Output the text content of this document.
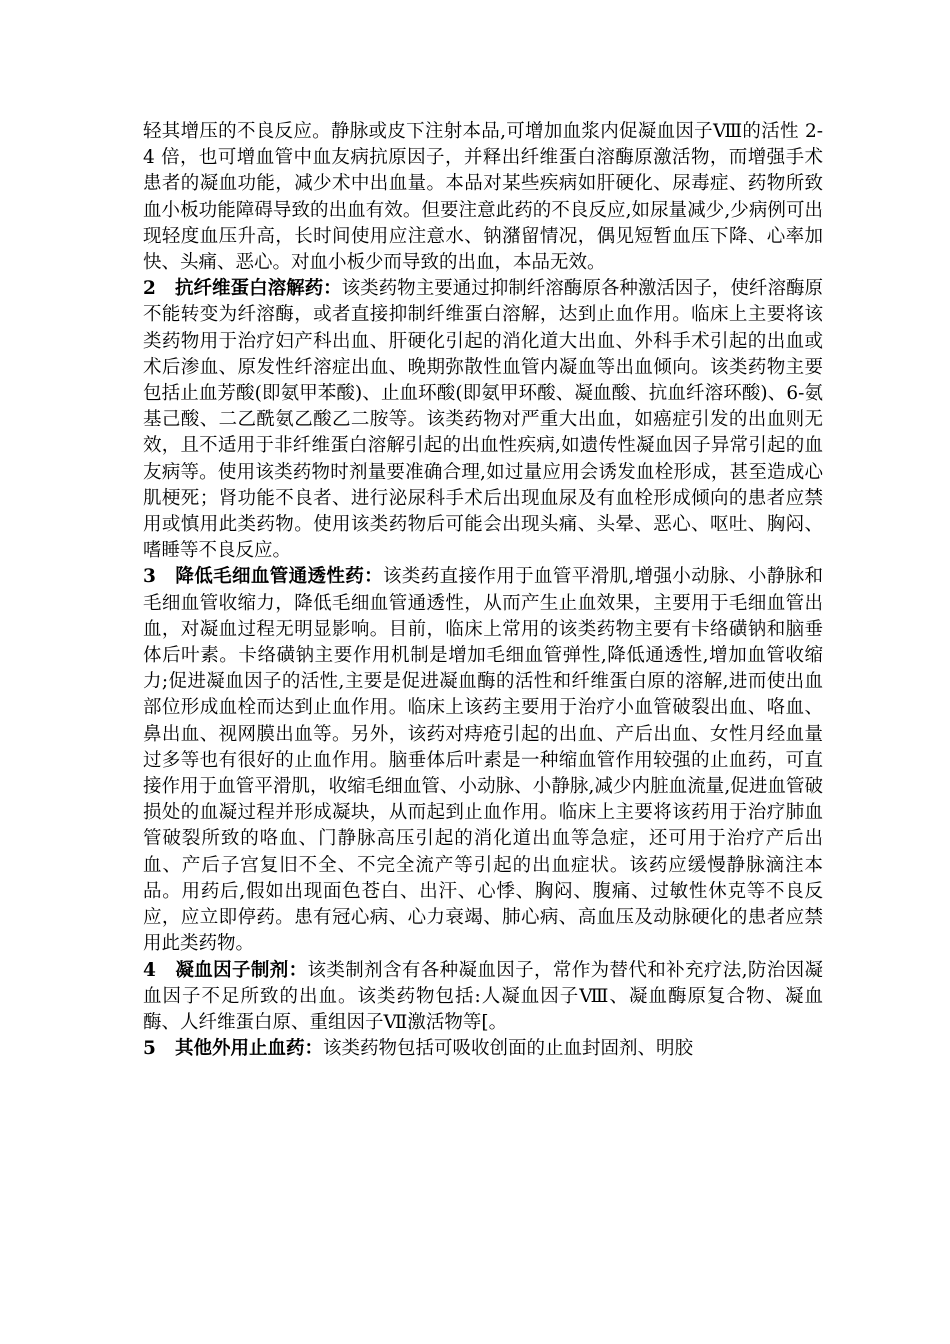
轻其增压的不良反应。静脉或皮下注射本品,可增加血浆内促凝血因子Ⅷ的活性 2-4 倍，也可增血管中血友病抗原因子，并释出纤维蛋白溶酶原激活物，而增强手术患者的凝血功能，减少术中出血量。本品对某些疾病如肝硬化、尿毒症、药物所致血小板功能障碍导致的出血有效。但要注意此药的不良反应,如尿量减少,少病例可出现轻度血压升高，长时间使用应注意水、钠潴留情况，偶见短暂血压下降、心率加快、头痛、恶心。对血小板少而导致的出血，本品无效。

2 抗纤维蛋白溶解药：该类药物主要通过抑制纤溶酶原各种激活因子，使纤溶酶原不能转变为纤溶酶，或者直接抑制纤维蛋白溶解，达到止血作用。临床上主要将该类药物用于治疗妇产科出血、肝硬化引起的消化道大出血、外科手术引起的出血或术后渗血、原发性纤溶症出血、晚期弥散性血管内凝血等出血倾向。该类药物主要包括止血芳酸(即氨甲苯酸)、止血环酸(即氨甲环酸、凝血酸、抗血纤溶环酸)、6-氨基己酸、二乙酰氨乙酸乙二胺等。该类药物对严重大出血，如癌症引发的出血则无效，且不适用于非纤维蛋白溶解引起的出血性疾病,如遗传性凝血因子异常引起的血友病等。使用该类药物时剂量要准确合理,如过量应用会诱发血栓形成，甚至造成心肌梗死；肾功能不良者、进行泌尿科手术后出现血尿及有血栓形成倾向的患者应禁用或慎用此类药物。使用该类药物后可能会出现头痛、头晕、恶心、呕吐、胸闷、嗜睡等不良反应。

3 降低毛细血管通透性药：该类药直接作用于血管平滑肌,增强小动脉、小静脉和毛细血管收缩力，降低毛细血管通透性，从而产生止血效果，主要用于毛细血管出血，对凝血过程无明显影响。目前，临床上常用的该类药物主要有卡络磺钠和脑垂体后叶素。卡络磺钠主要作用机制是增加毛细血管弹性,降低通透性,增加血管收缩力;促进凝血因子的活性,主要是促进凝血酶的活性和纤维蛋白原的溶解,进而使出血部位形成血栓而达到止血作用。临床上该药主要用于治疗小血管破裂出血、咯血、鼻出血、视网膜出血等。另外，该药对痔疮引起的出血、产后出血、女性月经血量过多等也有很好的止血作用。脑垂体后叶素是一种缩血管作用较强的止血药，可直接作用于血管平滑肌，收缩毛细血管、小动脉、小静脉,减少内脏血流量,促进血管破损处的血凝过程并形成凝块，从而起到止血作用。临床上主要将该药用于治疗肺血管破裂所致的咯血、门静脉高压引起的消化道出血等急症，还可用于治疗产后出血、产后子宫复旧不全、不完全流产等引起的出血症状。该药应缓慢静脉滴注本品。用药后,假如出现面色苍白、出汗、心悸、胸闷、腹痛、过敏性休克等不良反应，应立即停药。患有冠心病、心力衰竭、肺心病、高血压及动脉硬化的患者应禁用此类药物。

4 凝血因子制剂：该类制剂含有各种凝血因子，常作为替代和补充疗法,防治因凝血因子不足所致的出血。该类药物包括:人凝血因子Ⅷ、凝血酶原复合物、凝血酶、人纤维蛋白原、重组因子Ⅶ激活物等[。

5 其他外用止血药：该类药物包括可吸收创面的止血封固剂、明胶
